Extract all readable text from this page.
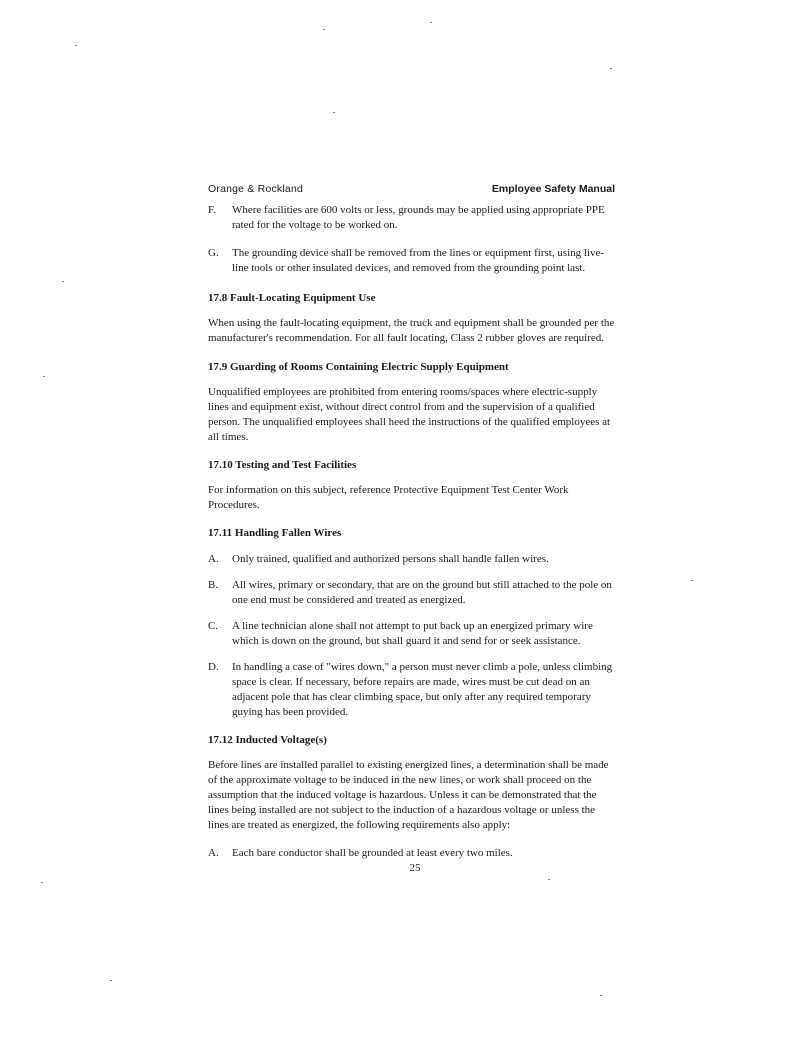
Orange & Rockland	Employee Safety Manual
F. Where facilities are 600 volts or less, grounds may be applied using appropriate PPE rated for the voltage to be worked on.
G. The grounding device shall be removed from the lines or equipment first, using live-line tools or other insulated devices, and removed from the grounding point last.

17.8 Fault-Locating Equipment Use

When using the fault-locating equipment, the truck and equipment shall be grounded per the manufacturer's recommendation. For all fault locating, Class 2 rubber gloves are required.

17.9 Guarding of Rooms Containing Electric Supply Equipment

Unqualified employees are prohibited from entering rooms/spaces where electric-supply lines and equipment exist, without direct control from and the supervision of a qualified person. The unqualified employees shall heed the instructions of the qualified employees at all times.

17.10 Testing and Test Facilities

For information on this subject, reference Protective Equipment Test Center Work Procedures.

17.11 Handling Fallen Wires

A. Only trained, qualified and authorized persons shall handle fallen wires.
B. All wires, primary or secondary, that are on the ground but still attached to the pole on one end must be considered and treated as energized.
C. A line technician alone shall not attempt to put back up an energized primary wire which is down on the ground, but shall guard it and send for or seek assistance.
D. In handling a case of "wires down," a person must never climb a pole, unless climbing space is clear. If necessary, before repairs are made, wires must be cut dead on an adjacent pole that has clear climbing space, but only after any required temporary guying has been provided.

17.12 Inducted Voltage(s)

Before lines are installed parallel to existing energized lines, a determination shall be made of the approximate voltage to be induced in the new lines, or work shall proceed on the assumption that the induced voltage is hazardous. Unless it can be demonstrated that the lines being installed are not subject to the induction of a hazardous voltage or unless the lines are treated as energized, the following requirements also apply:

A. Each bare conductor shall be grounded at least every two miles.
25
